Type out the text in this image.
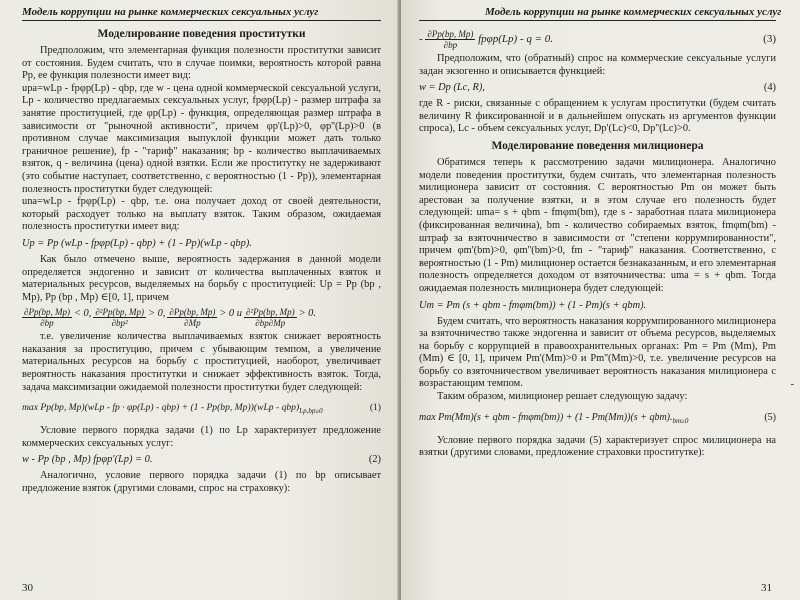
Модель коррупции на рынке коммерческих сексуальных услуг
Моделирование поведения проститутки

Предположим, что элементарная функция полезности проститутки зависит от состояния. Будем считать, что в случае поимки, вероятность которой равна Pp, ее функция полезности имеет вид:

upa=wLp - fpφp(Lp) - qbp, где w - цена одной коммерческой сексуальной услуги, Lp - количество предлагаемых сексуальных услуг, fpφp(Lp) - размер штрафа за занятие проституцией, где φp(Lp) - функция, определяющая размер штрафа в зависимости от "рыночной активности", причем φp'(Lp)>0, φp''(Lp)>0 (в противном случае максимизация выпуклой функции может дать только граничное решение), fp - "тариф" наказания; bp - количество выплачиваемых взяток, q - величина (цена) одной взятки. Если же проститутку не задерживают (это событие наступает, соответственно, с вероятностью (1 - Pp)), элементарная полезность проститутки будет следующей:

una=wLp - fpφp(Lp) - qbp, т.е. она получает доход от своей деятельности, который расходует только на выплату взяток. Таким образом, ожидаемая полезность проститутки имеет вид:

Up = Pp (wLp - fpφp(Lp) - qbp) + (1 - Pp)(wLp - qbp).

Как было отмечено выше, вероятность задержания в данной модели определяется эндогенно и зависит от количества выплаченных взяток и материальных ресурсов, выделяемых на борьбу с проституцией: Up = Pp (bp , Mp), Pp (bp , Mp) ∈[0, 1], причем

$\frac{\partial Pp(bp, Mp)}{\partial bp} < 0$, $\frac{\text{∂²Pp(bp, Mp)}}{\text{∂bp²}} > 0$, $\frac{\partial Pp(bp, Mp)}{\partial Mp} > 0$ и $\frac{\text{∂²Pp(bp, Mp)}}{\partial bp\partial Mp} > 0$.

т.е. увеличение количества выплачиваемых взяток снижает вероятность наказания за проституцию, причем с убывающим темпом, а увеличение материальных ресурсов на борьбу с проституцией, наоборот, увеличивает вероятность наказания проститутки и снижает эффективность взяток. Тогда, задача максимизации ожидаемой полезности проститутки будет следующей:

max Pp(bp, Mp)(wLp - fp · φp(Lp) - qbp) + (1 - Pp(bp, $Mp))(wLp - qbp)_{Lp,bp\ge 0}$	(1)

Условие первого порядка задачи (1) по Lp характеризует предложение коммерческих сексуальных услуг:

w - Pp (bp , Mp) fpφp'(Lp) = 0.	(2)

Аналогично, условие первого порядка задачи (1) по bp описывает предложение взяток (другими словами, спрос на страховку):

30
Модель коррупции на рынке коммерческих сексуальных услуг
- $\frac{\partial Pp(bp, Mp)}{\partial bp} fp\varphi p(Lp) - q = 0$.	(3)

Предположим, что (обратный) спрос на коммерческие сексуальные услуги задан экзогенно и описывается функцией:

w = Dp (Lc, R),	(4)

где R - риски, связанные с обращением к услугам проститутки (будем считать величину R фиксированной и в дальнейшем опускать из аргументов функции спроса), Lc - объем сексуальных услуг, Dp'(Lc)<0, Dp''(Lc)>0.

Моделирование поведения милиционера

Обратимся теперь к рассмотрению задачи милиционера. Аналогично модели поведения проститутки, будем считать, что элементарная полезность милиционера зависит от состояния. С вероятностью Pm он может быть арестован за получение взятки, и в этом случае его полезность будет следующей: uma= s + qbm - fmφm(bm), где s - заработная плата милиционера (фиксированная величина), bm - количество собираемых взяток, fmφm(bm) - штраф за взяточничество в зависимости от "степени коррумпированности", причем φm'(bm)>0, φm''(bm)>0, fm - "тариф" наказания. Соответственно, с вероятностью (1 - Pm) милиционер остается безнаказанным, и его элементарная полезность определяется доходом от взяточничества: uma = s + qbm. Тогда ожидаемая полезность милиционера будет следующей:

Um = Pm (s + qbm - fmφm(bm)) + (1 - Pm)(s + qbm).

Будем считать, что вероятность наказания коррумпированного милиционера за взяточничество также эндогенна и зависит от объема ресурсов, выделяемых на борьбу с коррупцией в правоохранительных органах: Pm = Pm (Mm), Pm (Mm) ∈ [0, 1], причем Pm'(Mm)>0 и Pm''(Mm)>0, т.е. увеличение ресурсов на борьбу со взяточничеством увеличивает вероятность наказания милиционера с возрастающим темпом.

Таким образом, милиционер решает следующую задачу:

max Pm(Mm)(s + qbm - $fm\varphi m(bm)) + (1 - Pm(Mm))(s + qbm)._{bm\ge 0}$	(5)

Условие первого порядка задачи (5) характеризует спрос милиционера на взятки (другими словами, предложение страховки проститутке):

-
31
